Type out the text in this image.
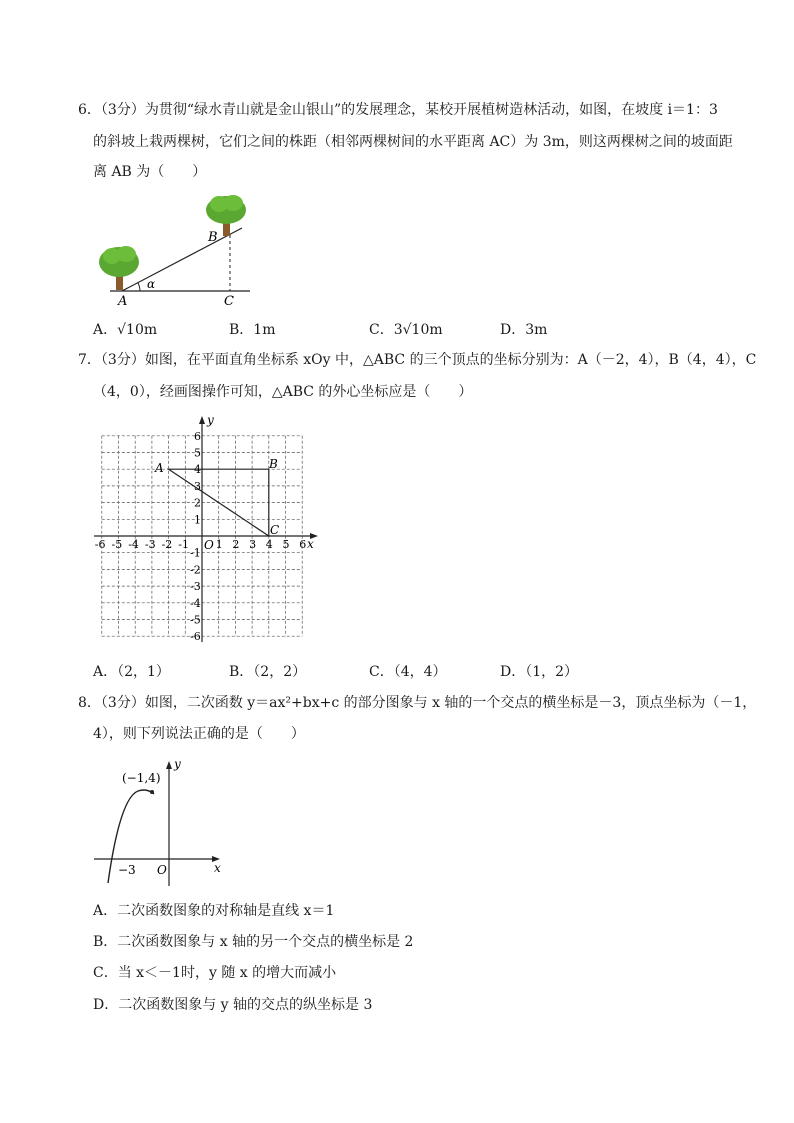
6．（3分）为贯彻“绿水青山就是金山银山”的发展理念，某校开展植树造林活动，如图，在坡度 i＝1：3
的斜坡上栽两棵树，它们之间的株距（相邻两棵树间的水平距离 AC）为 3m，则这两棵树之间的坡面距
离 AB 为（　　）
A
B
C
α
A．√10m	B．1m	C．3√10m	D．3m
7．（3分）如图，在平面直角坐标系 xOy 中，△ABC 的三个顶点的坐标分别为：A（－2，4），B（4，4），C
（4，0），经画图操作可知，△ABC 的外心坐标应是（　　）
-6 -5 -4 -3 -2 -1 1 2 3 4 5 6
6
5
4
3
2
1
-1
-2
-3
-4
-5
-6
x
y
O
A	B
C
A．（2，1）	B．（2，2）	C．（4，4）	D．（1，2）
8．（3分）如图，二次函数 y＝ax²+bx+c 的部分图象与 x 轴的一个交点的横坐标是－3，顶点坐标为（－1，
4），则下列说法正确的是（　　）
(−1,4)
y
x
O
−3
A．二次函数图象的对称轴是直线 x＝1
B．二次函数图象与 x 轴的另一个交点的横坐标是 2
C．当 x＜－1时，y 随 x 的增大而减小
D．二次函数图象与 y 轴的交点的纵坐标是 3
